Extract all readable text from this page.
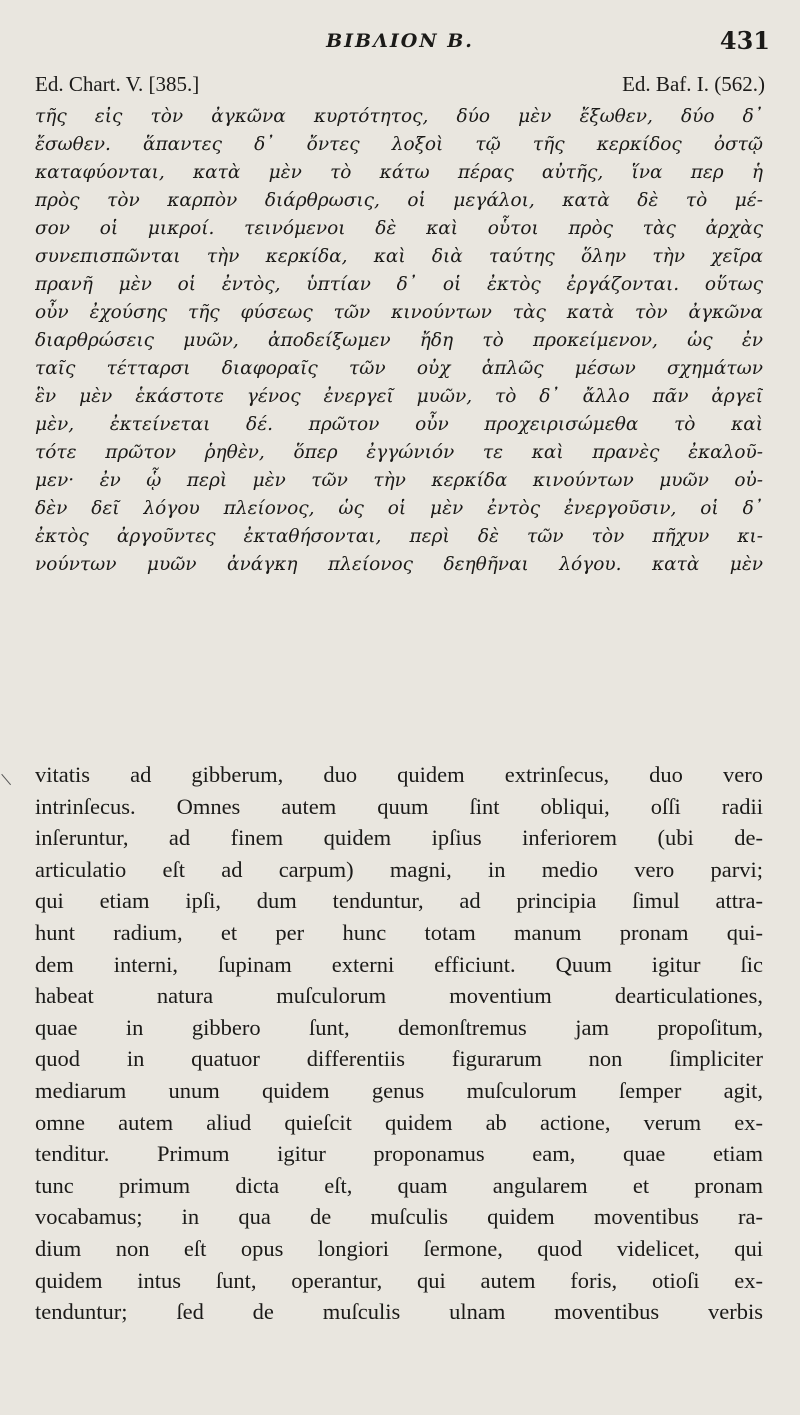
ΒΙΒΛΙΟΝ Β.	431
Ed. Chart. V. [385.]	Ed. Baf. I. (562.)
τῆς εἰς τὸν ἀγκῶνα κυρτότητος, δύο μὲν ἔξωθεν, δύο δ᾽
ἔσωθεν. ἅπαντες δ᾽ ὄντες λοξοὶ τῷ τῆς κερκίδος ὀστῷ
καταφύονται, κατὰ μὲν τὸ κάτω πέρας αὐτῆς, ἵνα περ ἡ
πρὸς τὸν καρπὸν διάρθρωσις, οἱ μεγάλοι, κατὰ δὲ τὸ μέ-
σον οἱ μικροί. τεινόμενοι δὲ καὶ οὗτοι πρὸς τὰς ἀρχὰς
συνεπισπῶνται τὴν κερκίδα, καὶ διὰ ταύτης ὅλην τὴν χεῖρα
πρανῆ μὲν οἱ ἐντὸς, ὑπτίαν δ᾽ οἱ ἐκτὸς ἐργάζονται. οὕτως
οὖν ἐχούσης τῆς φύσεως τῶν κινούντων τὰς κατὰ τὸν ἀγκῶνα
διαρθρώσεις μυῶν, ἀποδείξωμεν ἤδη τὸ προκείμενον, ὡς ἐν
ταῖς τέτταρσι διαφοραῖς τῶν οὐχ ἁπλῶς μέσων σχημάτων
ἓν μὲν ἑκάστοτε γένος ἐνεργεῖ μυῶν, τὸ δ᾽ ἄλλο πᾶν ἀργεῖ
μὲν, ἐκτείνεται δέ. πρῶτον οὖν προχειρισώμεθα τὸ καὶ
τότε πρῶτον ῥηθὲν, ὅπερ ἐγγώνιόν τε καὶ πρανὲς ἐκαλοῦ-
μεν· ἐν ᾧ περὶ μὲν τῶν τὴν κερκίδα κινούντων μυῶν οὐ-
δὲν δεῖ λόγου πλείονος, ὡς οἱ μὲν ἐντὸς ἐνεργοῦσιν, οἱ δ᾽
ἐκτὸς ἀργοῦντες ἐκταθήσονται, περὶ δὲ τῶν τὸν πῆχυν κι-
νούντων μυῶν ἀνάγκη πλείονος δεηθῆναι λόγου. κατὰ μὲν
vitatis ad gibberum, duo quidem extrinſecus, duo vero
intrinſecus. Omnes autem quum ſint obliqui, oſſi radii
inſeruntur, ad finem quidem ipſius inferiorem (ubi de-
articulatio eſt ad carpum) magni, in medio vero parvi;
qui etiam ipſi, dum tenduntur, ad principia ſimul attra-
hunt radium, et per hunc totam manum pronam qui-
dem interni, ſupinam externi efficiunt. Quum igitur ſic
habeat natura muſculorum moventium dearticulationes,
quae in gibbero ſunt, demonſtremus jam propoſitum,
quod in quatuor differentiis figurarum non ſimpliciter
mediarum unum quidem genus muſculorum ſemper agit,
omne autem aliud quieſcit quidem ab actione, verum ex-
tenditur. Primum igitur proponamus eam, quae etiam
tunc primum dicta eſt, quam angularem et pronam
vocabamus; in qua de muſculis quidem moventibus ra-
dium non eſt opus longiori ſermone, quod videlicet, qui
quidem intus ſunt, operantur, qui autem foris, otioſi ex-
tenduntur; ſed de muſculis ulnam moventibus verbis
